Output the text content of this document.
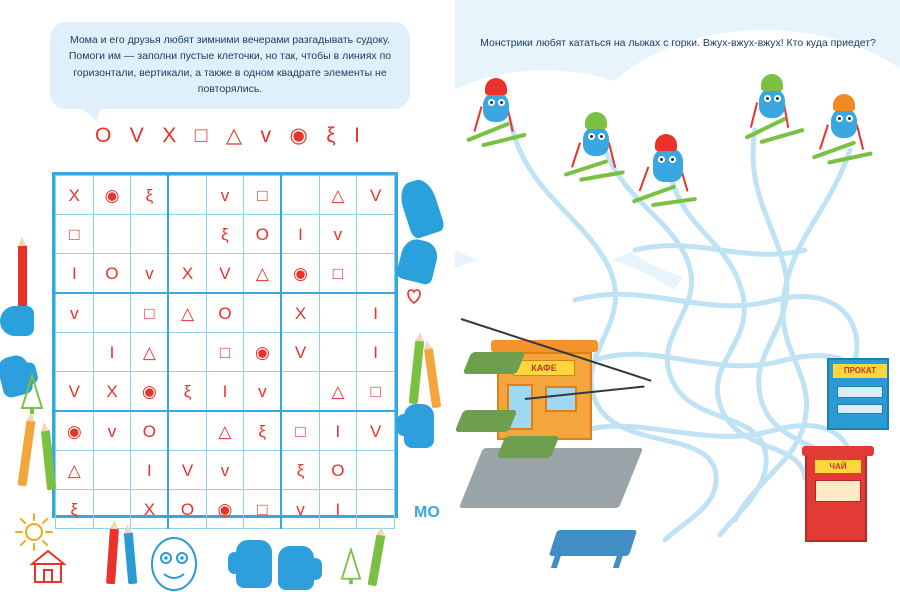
Мома и его друзья любят зимними вечерами разгадывать судоку. Помоги им — заполни пустые клеточки, но так, чтобы в линиях по горизонтали, вертикали, а также в одном квадрате элементы не повторялись.
O V X □ △ ᴠ ◉ ξ I
X	◉	ξ		ᴠ	□		△	V
□				ξ	O	I	ᴠ	
I	O	ᴠ	X	V	△	◉	□	
ᴠ		□	△	O		X		I
	I	△		□	◉	V		I
V	X	◉	ξ	I	ᴠ		△	□
◉	ᴠ	O		△	ξ	□	I	V
△		I	V	ᴠ		ξ	O	
ξ		X	O	◉	□	ᴠ	I		МО
Монстрики любят кататься на лыжах с горки. Вжух-вжух-вжух! Кто куда приедет?
КАФЕ	ПРОКАТ
ЧАЙ
